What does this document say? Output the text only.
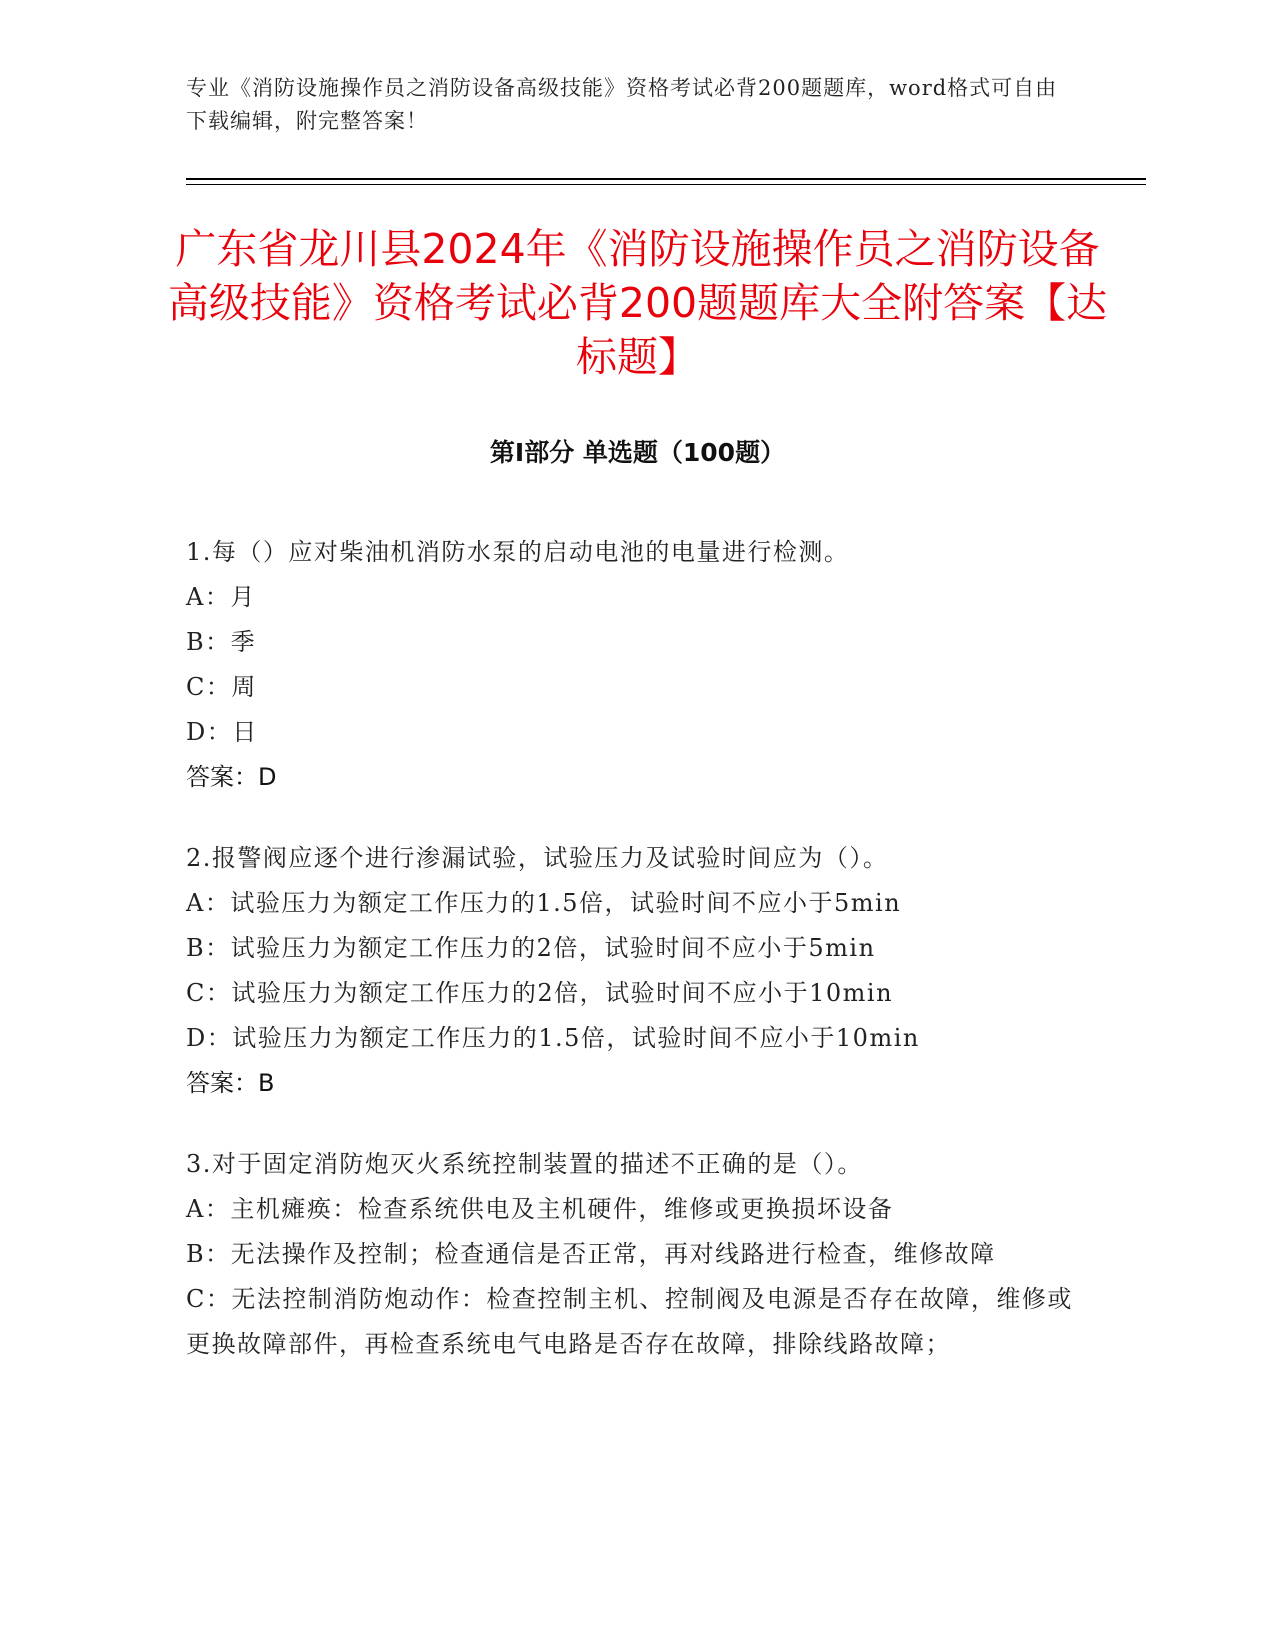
专业《消防设施操作员之消防设备高级技能》资格考试必背200题题库，word格式可自由下载编辑，附完整答案！
广东省龙川县2024年《消防设施操作员之消防设备高级技能》资格考试必背200题题库大全附答案【达标题】
第I部分 单选题（100题）
1.每（）应对柴油机消防水泵的启动电池的电量进行检测。
A：月
B：季
C：周
D：日
答案：D
2.报警阀应逐个进行渗漏试验，试验压力及试验时间应为（）。
A：试验压力为额定工作压力的1.5倍，试验时间不应小于5min
B：试验压力为额定工作压力的2倍，试验时间不应小于5min
C：试验压力为额定工作压力的2倍，试验时间不应小于10min
D：试验压力为额定工作压力的1.5倍，试验时间不应小于10min
答案：B
3.对于固定消防炮灭火系统控制装置的描述不正确的是（）。
A：主机瘫痪：检查系统供电及主机硬件，维修或更换损坏设备
B：无法操作及控制；检查通信是否正常，再对线路进行检查，维修故障
C：无法控制消防炮动作：检查控制主机、控制阀及电源是否存在故障，维修或更换故障部件，再检查系统电气电路是否存在故障，排除线路故障；
